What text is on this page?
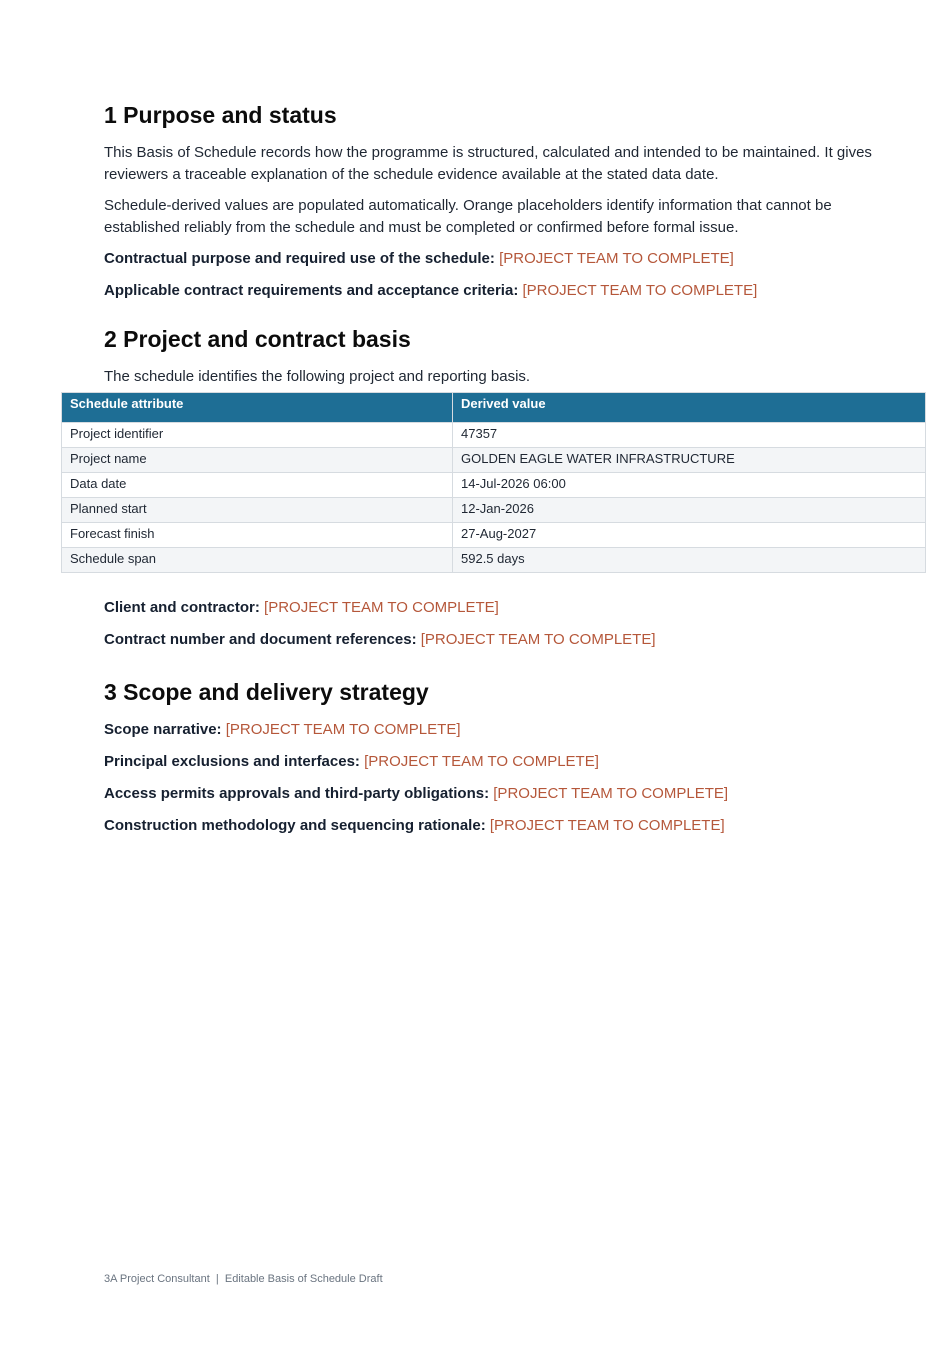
1 Purpose and status

This Basis of Schedule records how the programme is structured, calculated and intended to be maintained. It gives reviewers a traceable explanation of the schedule evidence available at the stated data date.

Schedule-derived values are populated automatically. Orange placeholders identify information that cannot be established reliably from the schedule and must be completed or confirmed before formal issue.

Contractual purpose and required use of the schedule: [PROJECT TEAM TO COMPLETE]
Applicable contract requirements and acceptance criteria: [PROJECT TEAM TO COMPLETE]
2 Project and contract basis

The schedule identifies the following project and reporting basis.

Schedule attribute	Derived value
Project identifier	47357
Project name	GOLDEN EAGLE WATER INFRASTRUCTURE
Data date	14-Jul-2026 06:00
Planned start	12-Jan-2026
Forecast finish	27-Aug-2027
Schedule span	592.5 days
Client and contractor: [PROJECT TEAM TO COMPLETE]
Contract number and document references: [PROJECT TEAM TO COMPLETE]
3 Scope and delivery strategy
Scope narrative: [PROJECT TEAM TO COMPLETE]
Principal exclusions and interfaces: [PROJECT TEAM TO COMPLETE]
Access permits approvals and third-party obligations: [PROJECT TEAM TO COMPLETE]
Construction methodology and sequencing rationale: [PROJECT TEAM TO COMPLETE]
3A Project Consultant  |  Editable Basis of Schedule Draft
